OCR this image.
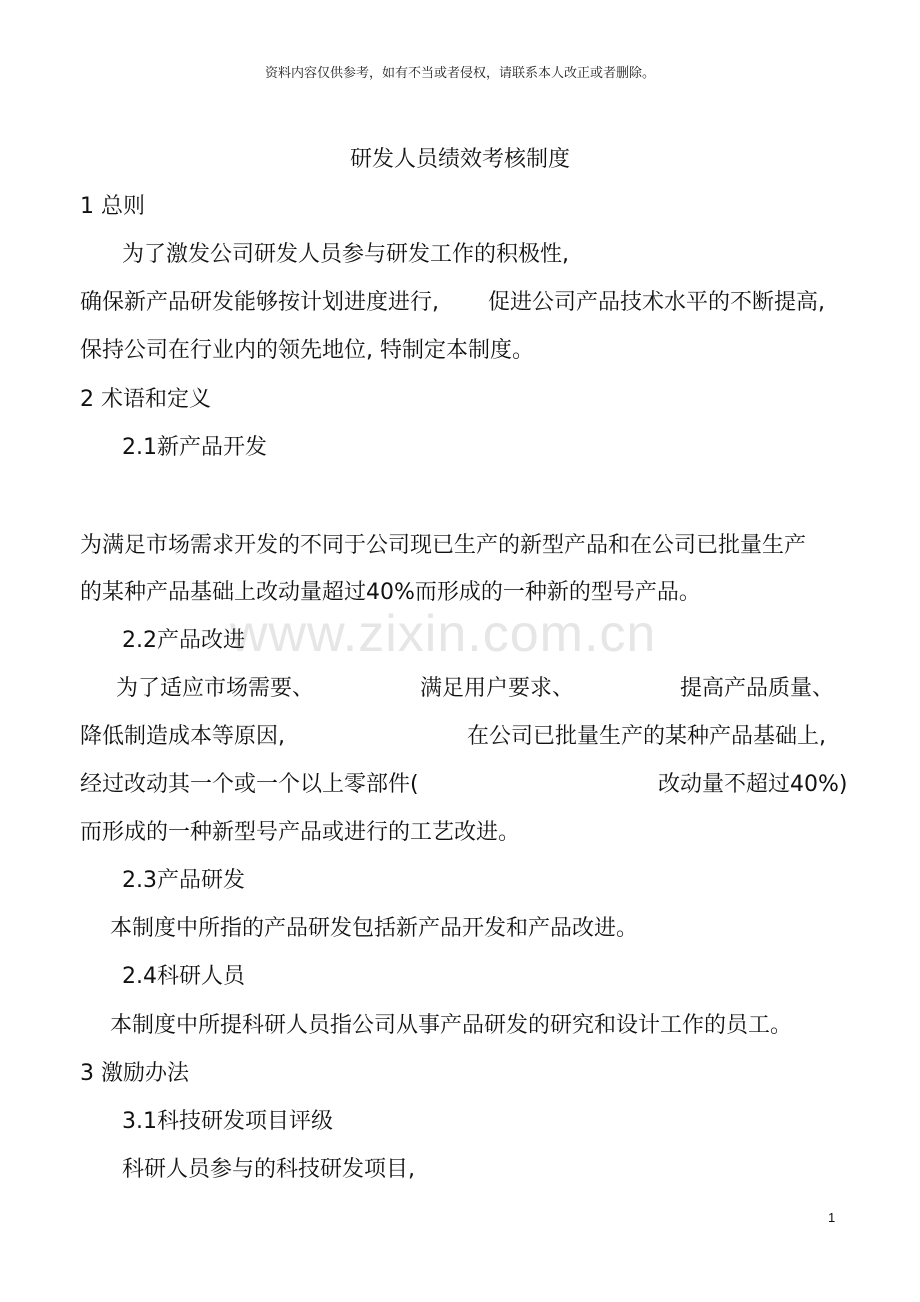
资料内容仅供参考，如有不当或者侵权，请联系本人改正或者删除。
www.zixin.com.cn
研发人员绩效考核制度
1 总则
为了激发公司研发人员参与研发工作的积极性,
确保新产品研发能够按计划进度进行, 促进公司产品技术水平的不断提高,
保持公司在行业内的领先地位, 特制定本制度。
2 术语和定义
2.1新产品开发
为满足市场需求开发的不同于公司现已生产的新型产品和在公司已批量生产
的某种产品基础上改动量超过40%而形成的一种新的型号产品。
2.2产品改进
为了适应市场需要、	满足用户要求、	提高产品质量、
降低制造成本等原因,	在公司已批量生产的某种产品基础上,
经过改动其一个或一个以上零部件(	改动量不超过40%)
而形成的一种新型号产品或进行的工艺改进。
2.3产品研发
本制度中所指的产品研发包括新产品开发和产品改进。
2.4科研人员
本制度中所提科研人员指公司从事产品研发的研究和设计工作的员工。
3 激励办法
3.1科技研发项目评级
科研人员参与的科技研发项目,
1
